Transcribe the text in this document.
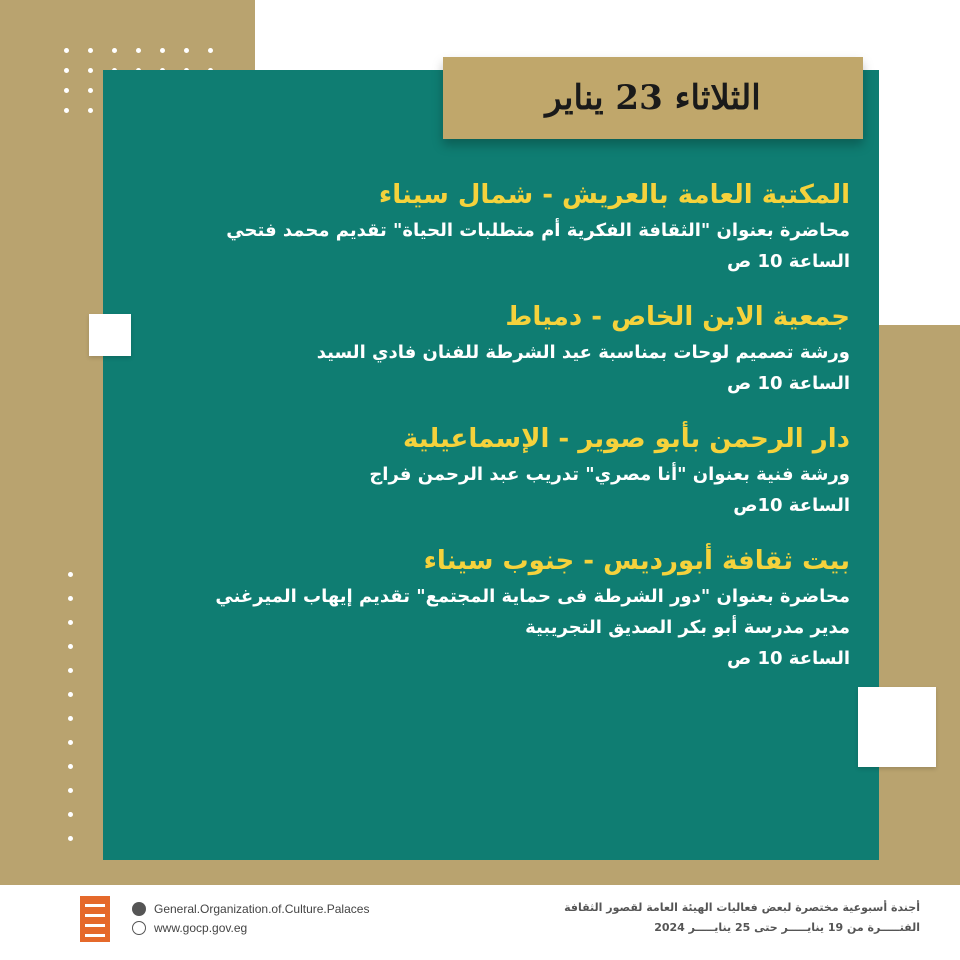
الثلاثاء 23 يناير
المكتبة العامة بالعريش - شمال سيناء
محاضرة بعنوان "الثقافة الفكرية أم متطلبات الحياة" تقديم محمد فتحي
الساعة 10 ص
جمعية الابن الخاص - دمياط
ورشة تصميم لوحات بمناسبة عيد الشرطة للفنان فادي السيد
الساعة 10 ص
دار الرحمن بأبو صوير - الإسماعيلية
ورشة فنية بعنوان "أنا مصري" تدريب عبد الرحمن فراج
الساعة 10ص
بيت ثقافة أبورديس - جنوب سيناء
محاضرة بعنوان "دور الشرطة فى حماية المجتمع" تقديم إيهاب الميرغني
مدير مدرسة أبو بكر الصديق التجريبية
الساعة 10 ص
General.Organization.of.Culture.Palaces
www.gocp.gov.eg
أجندة أسبوعية مختصرة لبعض فعاليات الهيئة العامة لقصور الثقافة
الفتـــــرة من 19 ينايـــــر حتى 25 ينايـــــر 2024
